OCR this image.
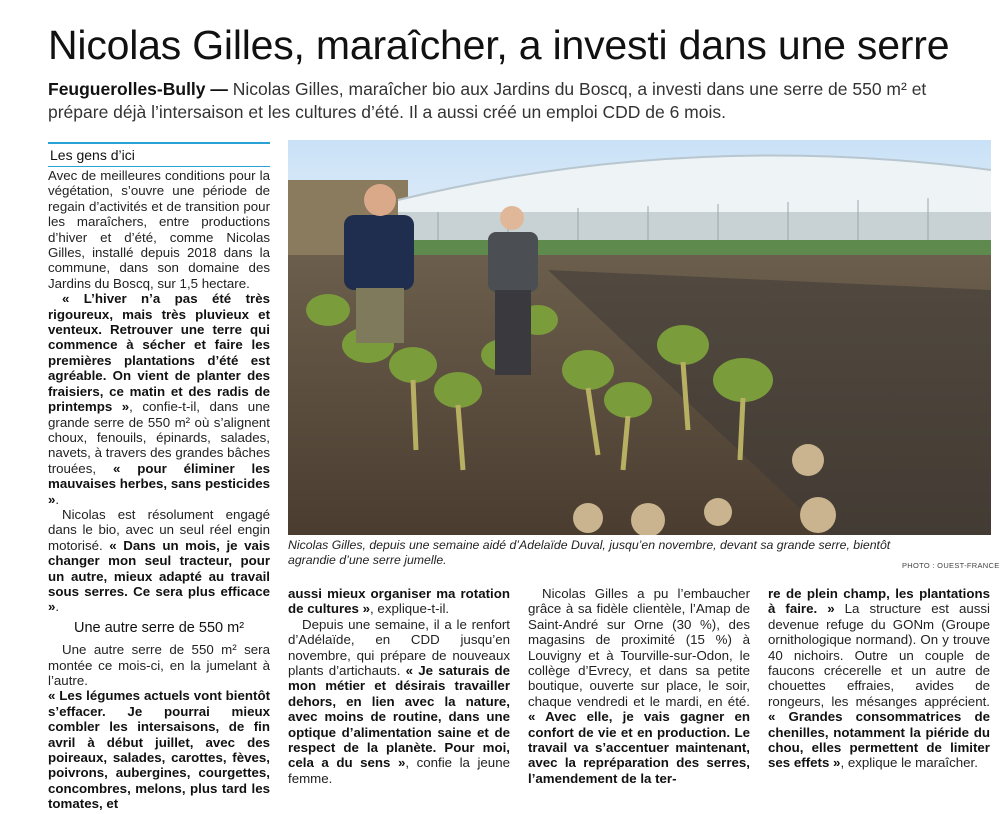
Nicolas Gilles, maraîcher, a investi dans une serre
Feuguerolles-Bully — Nicolas Gilles, maraîcher bio aux Jardins du Boscq, a investi dans une serre de 550 m² et prépare déjà l’intersaison et les cultures d’été. Il a aussi créé un emploi CDD de 6 mois.
Les gens d’ici

Avec de meilleures conditions pour la végétation, s’ouvre une période de regain d’activités et de transition pour les maraîchers, entre productions d’hiver et d’été, comme Nicolas Gilles, installé depuis 2018 dans la commune, dans son domaine des Jardins du Boscq, sur 1,5 hectare.

« L’hiver n’a pas été très rigoureux, mais très pluvieux et venteux. Retrouver une terre qui commence à sécher et faire les premières plantations d’été est agréable. On vient de planter des fraisiers, ce matin et des radis de printemps », confie-t-il, dans une grande serre de 550 m² où s’alignent choux, fenouils, épinards, salades, navets, à travers des grandes bâches trouées, « pour éliminer les mauvaises herbes, sans pesticides ».

Nicolas est résolument engagé dans le bio, avec un seul réel engin motorisé. « Dans un mois, je vais changer mon seul tracteur, pour un autre, mieux adapté au travail sous serres. Ce sera plus efficace ».

Une autre serre de 550 m²

Une autre serre de 550 m² sera montée ce mois-ci, en la jumelant à l’autre.

« Les légumes actuels vont bientôt s’effacer. Je pourrai mieux combler les intersaisons, de fin avril à début juillet, avec des poireaux, salades, carottes, fèves, poivrons, aubergines, courgettes, concombres, melons, plus tard les tomates, et

Nicolas Gilles, depuis une semaine aidé d’Adelaïde Duval, jusqu’en novembre, devant sa grande serre, bientôt agrandie d’une serre jumelle.	PHOTO : OUEST-FRANCE

aussi mieux organiser ma rotation de cultures », explique-t-il.

Depuis une semaine, il a le renfort d’Adélaïde, en CDD jusqu’en novembre, qui prépare de nouveaux plants d’artichauts. « Je saturais de mon métier et désirais travailler dehors, en lien avec la nature, avec moins de routine, dans une optique d’alimentation saine et de respect de la planète. Pour moi, cela a du sens », confie la jeune femme.

Nicolas Gilles a pu l’embaucher grâce à sa fidèle clientèle, l’Amap de Saint-André sur Orne (30 %), des magasins de proximité (15 %) à Louvigny et à Tourville-sur-Odon, le collège d’Evrecy, et dans sa petite boutique, ouverte sur place, le soir, chaque vendredi et le mardi, en été. « Avec elle, je vais gagner en confort de vie et en production. Le travail va s’accentuer maintenant, avec la repréparation des serres, l’amendement de la ter-

re de plein champ, les plantations à faire. » La structure est aussi devenue refuge du GONm (Groupe ornithologique normand). On y trouve 40 nichoirs. Outre un couple de faucons crécerelle et un autre de chouettes effraies, avides de rongeurs, les mésanges apprécient. « Grandes consommatrices de chenilles, notamment la piéride du chou, elles permettent de limiter ses effets », explique le maraîcher.
